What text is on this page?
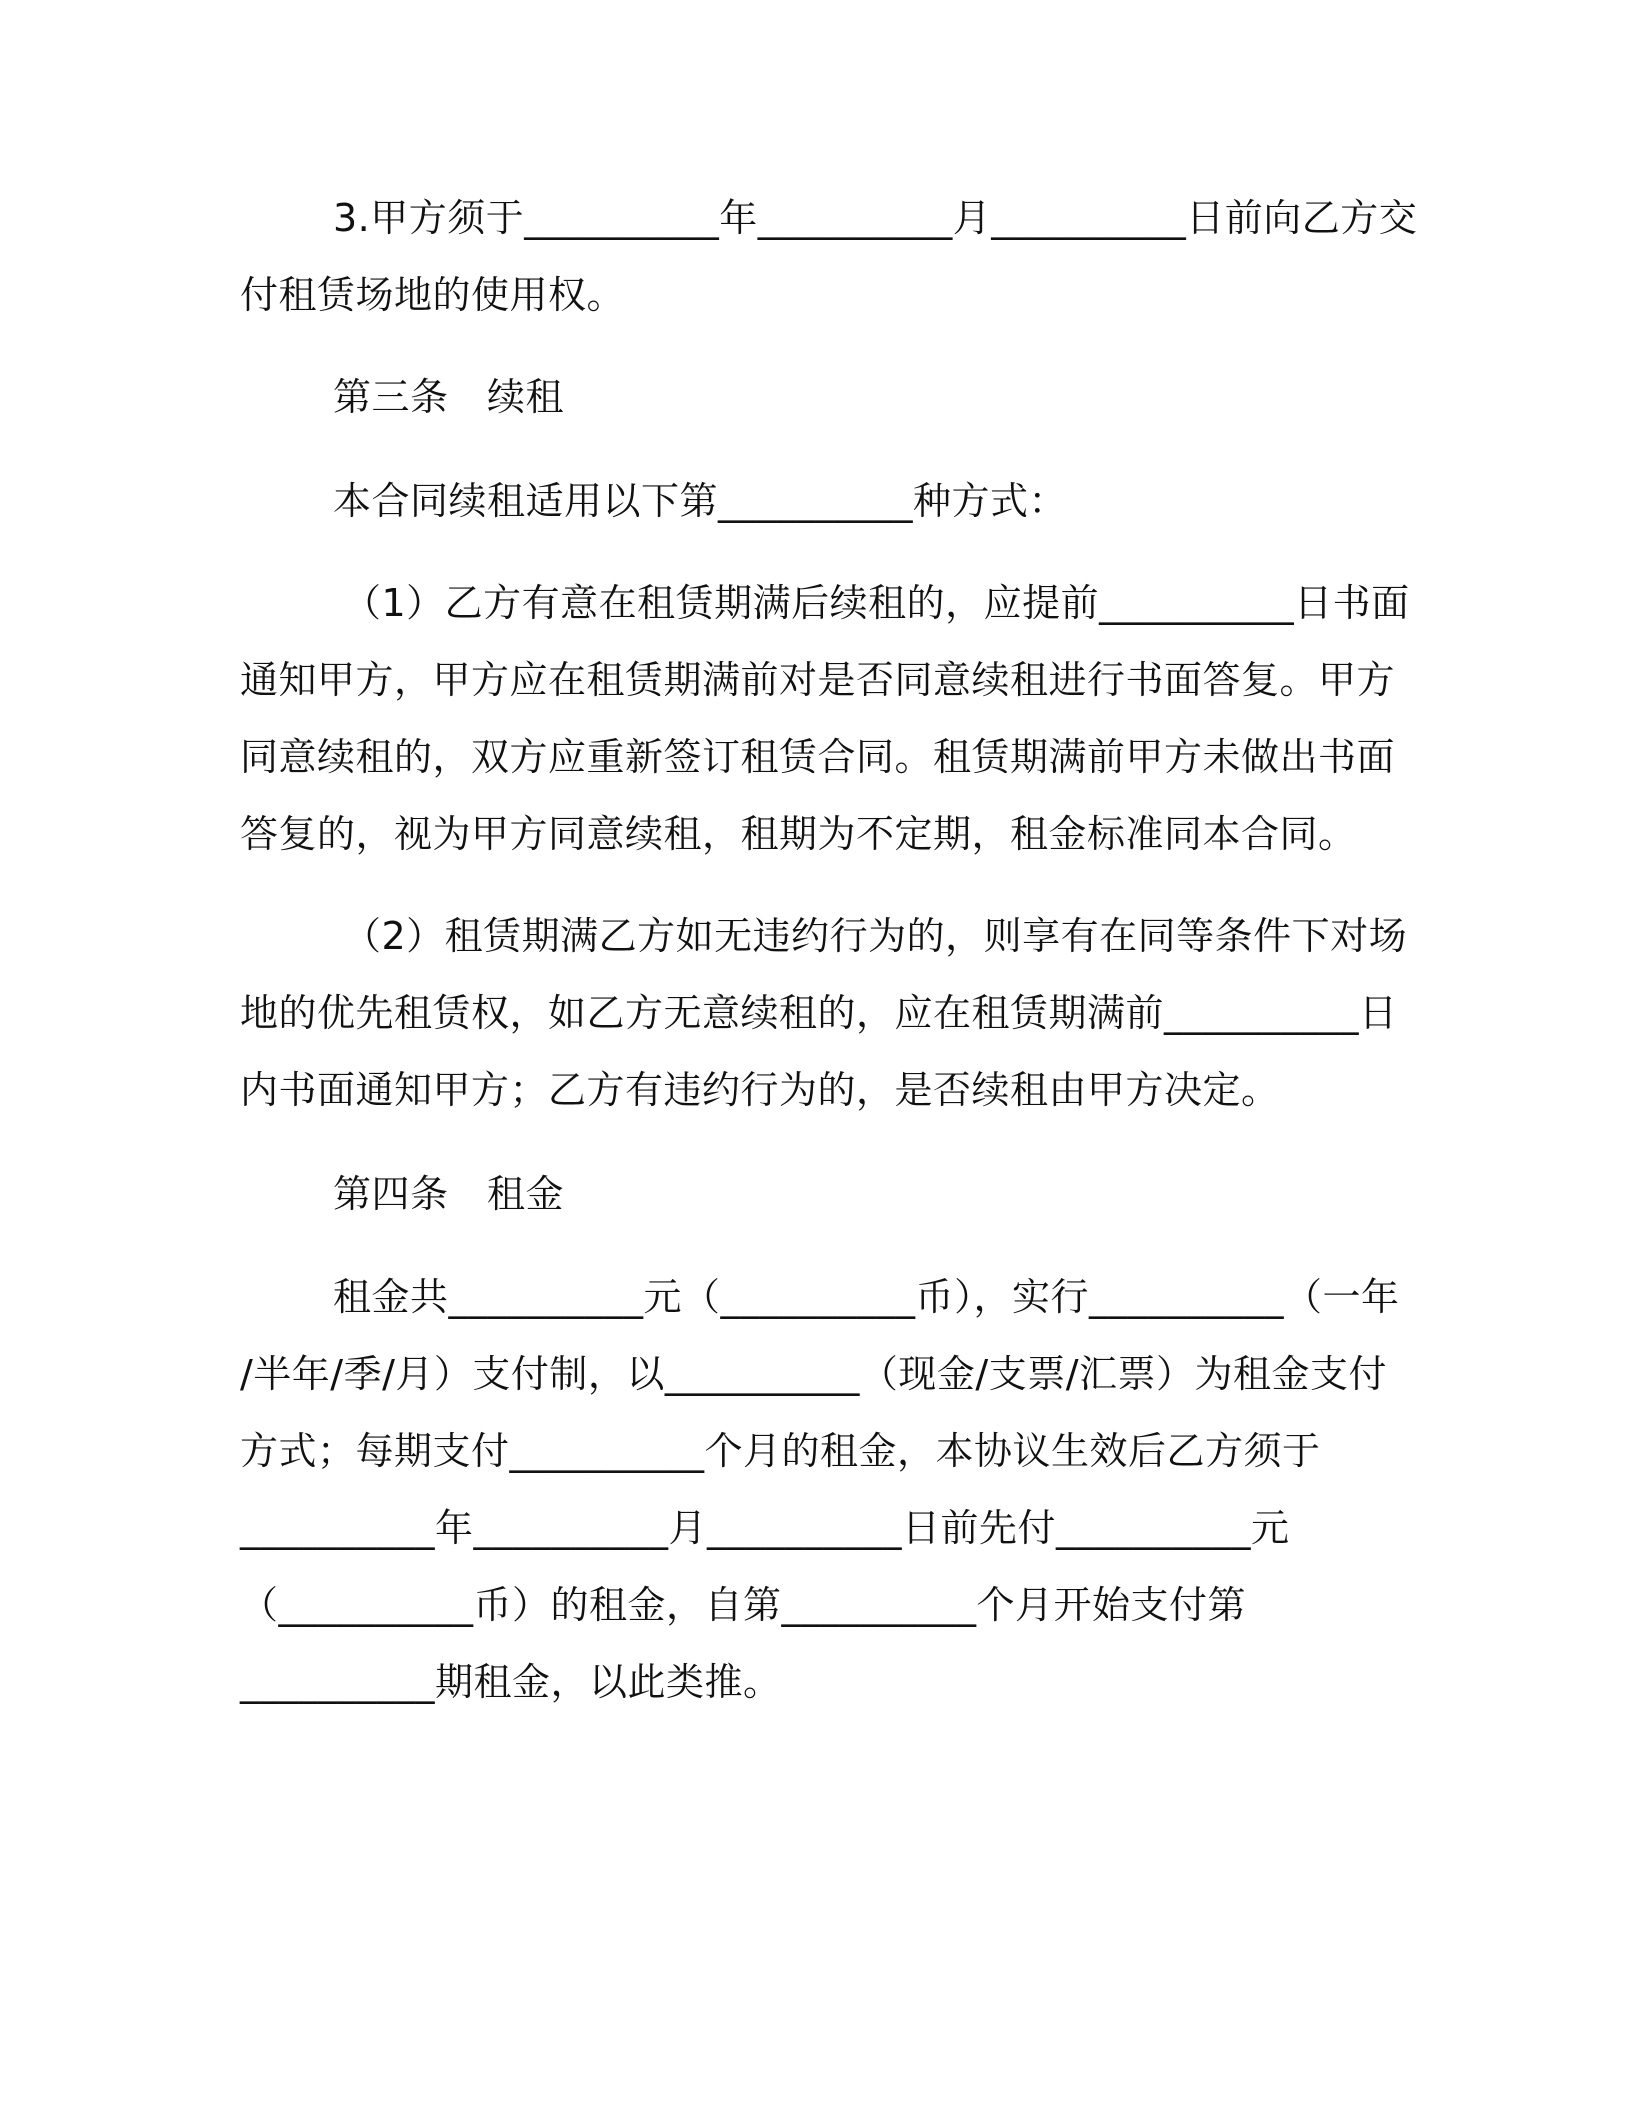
3.甲方须于__________年__________月__________日前向乙方交
付租赁场地的使用权。
第三条　续租
本合同续租适用以下第__________种方式：
（1）乙方有意在租赁期满后续租的，应提前__________日书面
通知甲方，甲方应在租赁期满前对是否同意续租进行书面答复。甲方
同意续租的，双方应重新签订租赁合同。租赁期满前甲方未做出书面
答复的，视为甲方同意续租，租期为不定期，租金标准同本合同。
（2）租赁期满乙方如无违约行为的，则享有在同等条件下对场
地的优先租赁权，如乙方无意续租的，应在租赁期满前__________日
内书面通知甲方；乙方有违约行为的，是否续租由甲方决定。
第四条　租金
租金共__________元（__________币），实行__________（一年
/半年/季/月）支付制，以__________（现金/支票/汇票）为租金支付
方式；每期支付__________个月的租金，本协议生效后乙方须于
__________年__________月__________日前先付__________元
（__________币）的租金，自第__________个月开始支付第
__________期租金，以此类推。
